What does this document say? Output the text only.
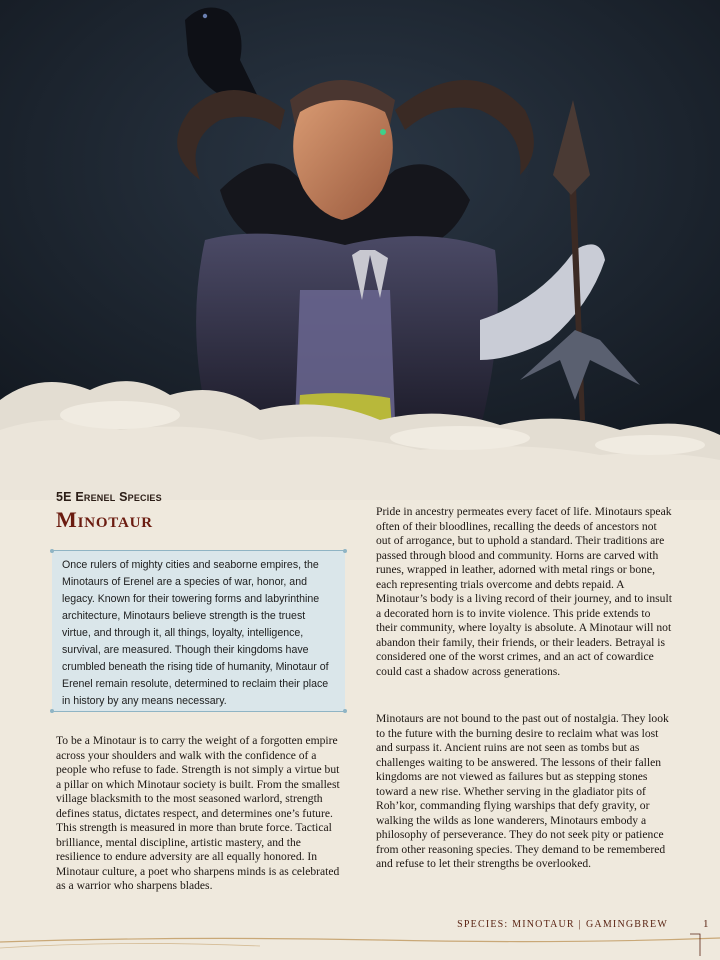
5E Erenel Species
Minotaur
Once rulers of mighty cities and seaborne empires, the Minotaurs of Erenel are a species of war, honor, and legacy. Known for their towering forms and labyrinthine architecture, Minotaurs believe strength is the truest virtue, and through it, all things, loyalty, intelligence, survival, are measured. Though their kingdoms have crumbled beneath the rising tide of humanity, Minotaur of Erenel remain resolute, determined to reclaim their place in history by any means necessary.

To be a Minotaur is to carry the weight of a forgotten empire across your shoulders and walk with the confidence of a people who refuse to fade. Strength is not simply a virtue but a pillar on which Minotaur society is built. From the smallest village blacksmith to the most seasoned warlord, strength defines status, dictates respect, and determines one’s future. This strength is measured in more than brute force. Tactical brilliance, mental discipline, artistic mastery, and the resilience to endure adversity are all equally honored. In Minotaur culture, a poet who sharpens minds is as celebrated as a warrior who sharpens blades.

Pride in ancestry permeates every facet of life. Minotaurs speak often of their bloodlines, recalling the deeds of ancestors not out of arrogance, but to uphold a standard. Their traditions are passed through blood and community. Horns are carved with runes, wrapped in leather, adorned with metal rings or bone, each representing trials overcome and debts repaid. A Minotaur’s body is a living record of their journey, and to insult a decorated horn is to invite violence. This pride extends to their community, where loyalty is absolute. A Minotaur will not abandon their family, their friends, or their leaders. Betrayal is considered one of the worst crimes, and an act of cowardice could cast a shadow across generations.

Minotaurs are not bound to the past out of nostalgia. They look to the future with the burning desire to reclaim what was lost and surpass it. Ancient ruins are not seen as tombs but as challenges waiting to be answered. The lessons of their fallen kingdoms are not viewed as failures but as stepping stones toward a new rise. Whether serving in the gladiator pits of Roh’kor, commanding flying warships that defy gravity, or walking the wilds as lone wanderers, Minotaurs embody a philosophy of perseverance. They do not seek pity or patience from other reasoning species. They demand to be remembered and refuse to let their strengths be overlooked.

SPECIES: MINOTAUR | GAMINGBREW	1
